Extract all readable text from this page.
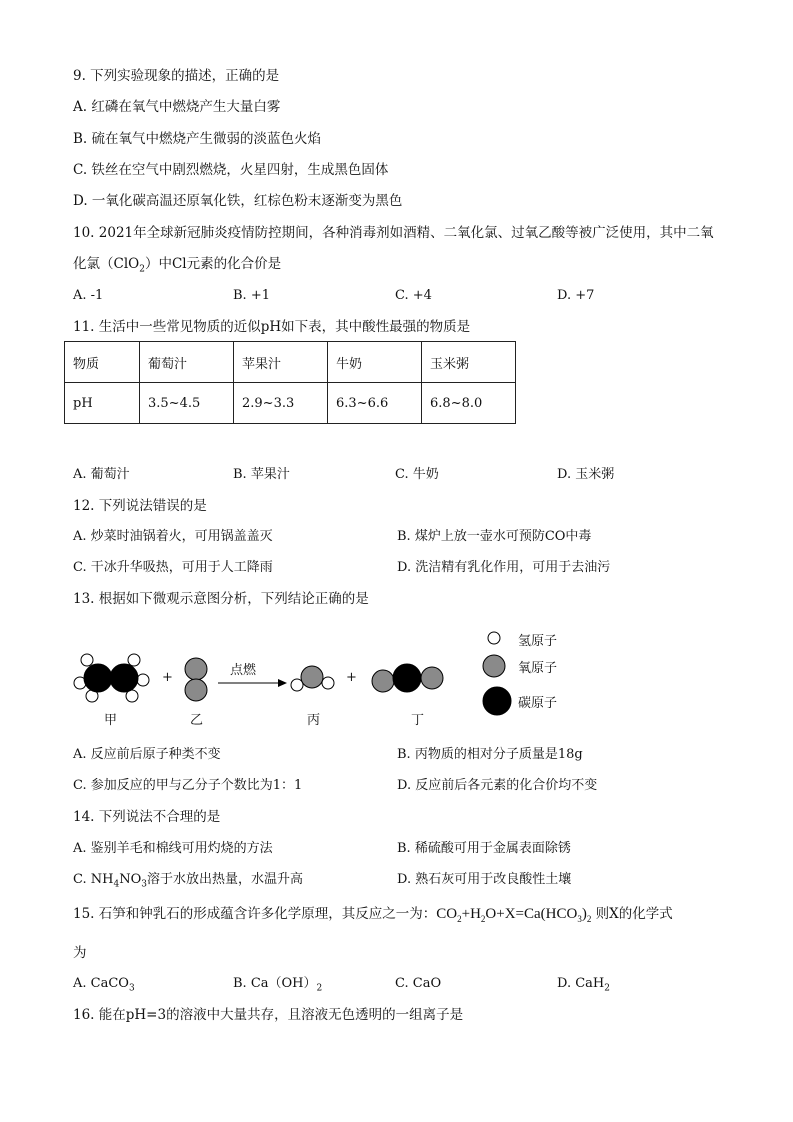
9. 下列实验现象的描述，正确的是
A. 红磷在氧气中燃烧产生大量白雾
B. 硫在氧气中燃烧产生微弱的淡蓝色火焰
C. 铁丝在空气中剧烈燃烧，火星四射，生成黑色固体
D. 一氧化碳高温还原氧化铁，红棕色粉末逐渐变为黑色
10. 2021年全球新冠肺炎疫情防控期间，各种消毒剂如酒精、二氧化氯、过氧乙酸等被广泛使用，其中二氧
化氯（ClO$_2$）中Cl元素的化合价是
A. -1	B. +1	C. +4	D. +7
11. 生活中一些常见物质的近似pH如下表，其中酸性最强的物质是
物质	葡萄汁	苹果汁	牛奶	玉米粥
pH	3.5~4.5	2.9~3.3	6.3~6.6	6.8~8.0
A. 葡萄汁	B. 苹果汁	C. 牛奶	D. 玉米粥
12. 下列说法错误的是
A. 炒菜时油锅着火，可用锅盖盖灭	B. 煤炉上放一壶水可预防CO中毒
C. 干冰升华吸热，可用于人工降雨	D. 洗洁精有乳化作用，可用于去油污
13. 根据如下微观示意图分析，下列结论正确的是
+	+
点燃
甲	乙	丙	丁
氢原子
氧原子
碳原子
A. 反应前后原子种类不变	B. 丙物质的相对分子质量是18g
C. 参加反应的甲与乙分子个数比为1：1	D. 反应前后各元素的化合价均不变
14. 下列说法不合理的是
A. 鉴别羊毛和棉线可用灼烧的方法	B. 稀硫酸可用于金属表面除锈
C. $NH_4NO_3$溶于水放出热量，水温升高	D. 熟石灰可用于改良酸性土壤
15. 石笋和钟乳石的形成蕴含许多化学原理，其反应之一为：$CO_2+H_2O+X=Ca(HCO_3)_2$ 则X的化学式
为
A. CaCO$_3$	B. $Ca(OH)_2$	C. CaO	D. CaH$_2$
16. 能在pH=3的溶液中大量共存，且溶液无色透明的一组离子是
